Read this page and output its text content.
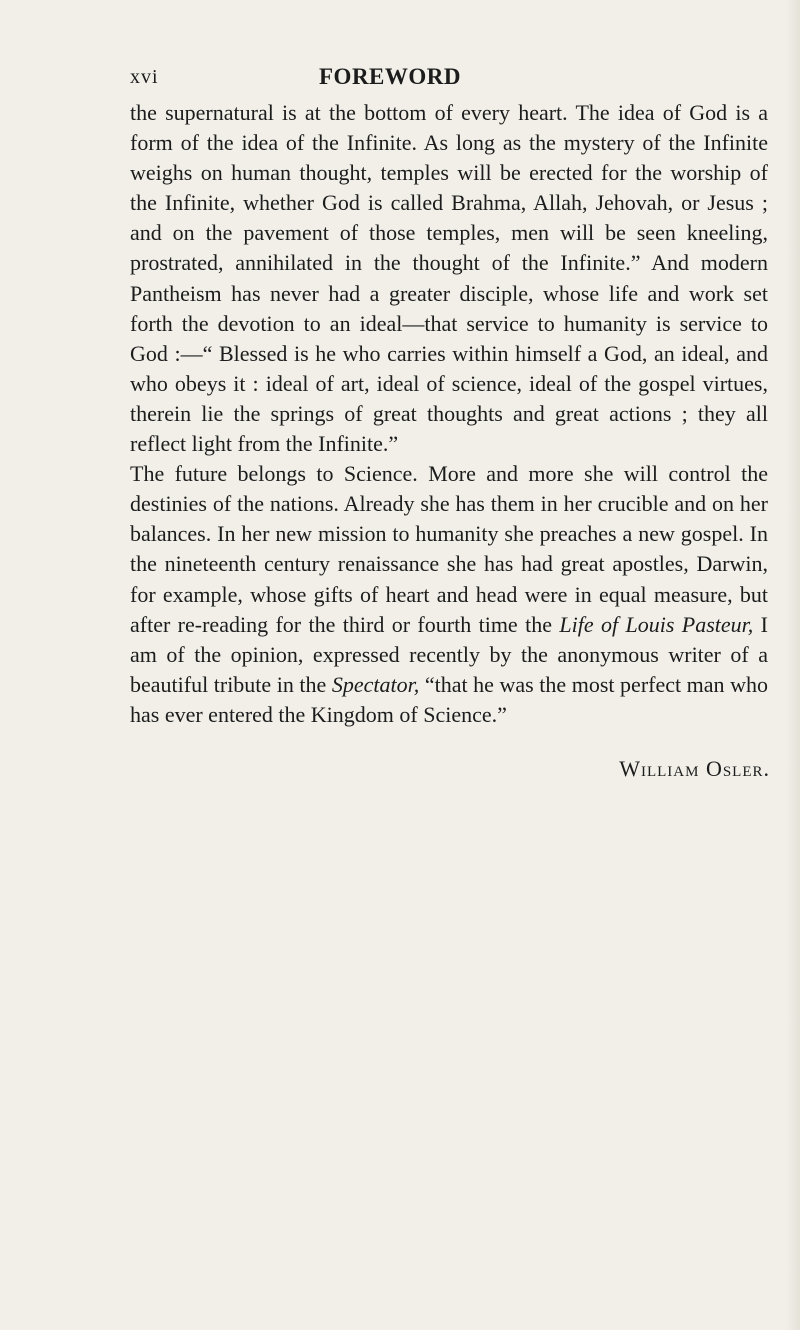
xvi	FOREWORD

the supernatural is at the bottom of every heart. The idea of God is a form of the idea of the Infinite. As long as the mystery of the Infinite weighs on human thought, temples will be erected for the worship of the Infinite, whether God is called Brahma, Allah, Jehovah, or Jesus ; and on the pavement of those temples, men will be seen kneeling, prostrated, annihilated in the thought of the Infinite.” And modern Pantheism has never had a greater disciple, whose life and work set forth the devotion to an ideal—that service to humanity is service to God :—“ Blessed is he who carries within himself a God, an ideal, and who obeys it : ideal of art, ideal of science, ideal of the gospel virtues, therein lie the springs of great thoughts and great actions ; they all reflect light from the Infinite.”

The future belongs to Science. More and more she will control the destinies of the nations. Already she has them in her crucible and on her balances. In her new mission to humanity she preaches a new gospel. In the nineteenth century renaissance she has had great apostles, Darwin, for example, whose gifts of heart and head were in equal measure, but after re-reading for the third or fourth time the Life of Louis Pasteur, I am of the opinion, expressed recently by the anonymous writer of a beautiful tribute in the Spectator, “that he was the most perfect man who has ever entered the Kingdom of Science.”

William Osler.
